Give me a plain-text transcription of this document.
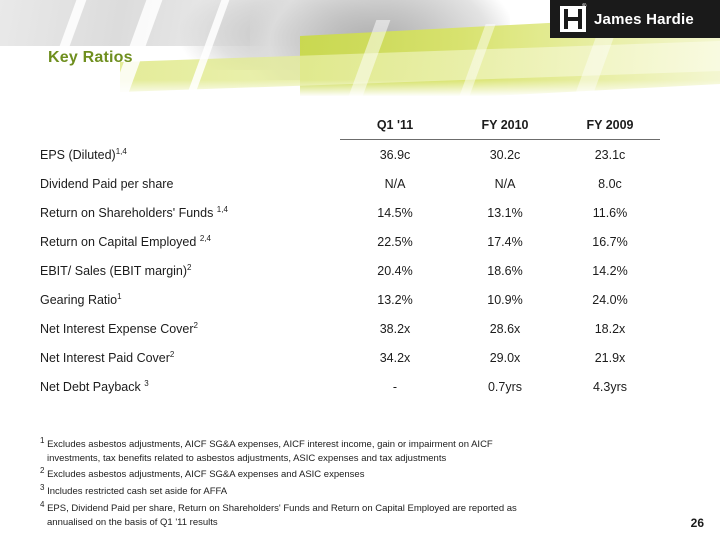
®
James Hardie
Key Ratios
	Q1 '11	FY 2010	FY 2009
EPS (Diluted)$^{1,4}$	36.9c	30.2c	23.1c
Dividend Paid per share	N/A	N/A	8.0c
Return on Shareholders' Funds $^{1,4}$	14.5%	13.1%	11.6%
Return on Capital Employed $^{2,4}$	22.5%	17.4%	16.7%
EBIT/ Sales (EBIT margin)$^2$	20.4%	18.6%	14.2%
Gearing Ratio$^1$	13.2%	10.9%	24.0%
Net Interest Expense Cover$^2$	38.2x	28.6x	18.2x
Net Interest Paid Cover$^2$	34.2x	29.0x	21.9x
Net Debt Payback $^3$	-	0.7yrs	4.3yrs
$^1$ Excludes asbestos adjustments, AICF SG&A expenses, AICF interest income, gain or impairment on AICF
investments, tax benefits related to asbestos adjustments, ASIC expenses and tax adjustments
$^2$ Excludes asbestos adjustments, AICF SG&A expenses and ASIC expenses
$^3$ Includes restricted cash set aside for AFFA
$^4$ EPS, Dividend Paid per share, Return on Shareholders' Funds and Return on Capital Employed are reported as
annualised on the basis of Q1 '11 results	26
